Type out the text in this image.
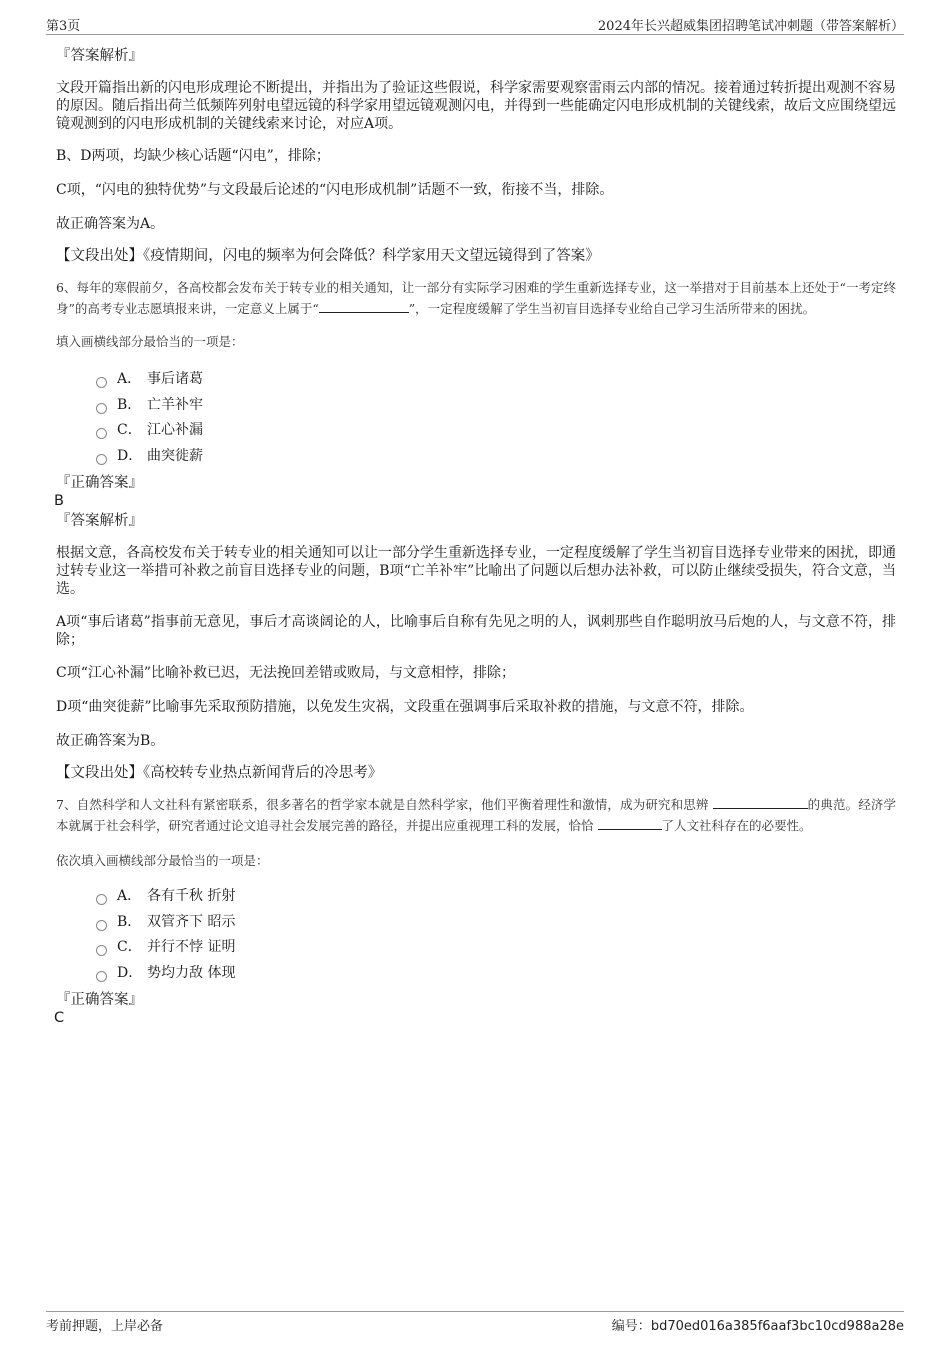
第3页	2024年长兴超威集团招聘笔试冲刺题（带答案解析）
『答案解析』

文段开篇指出新的闪电形成理论不断提出，并指出为了验证这些假说，科学家需要观察雷雨云内部的情况。接着通过转折提出观测不容易的原因。随后指出荷兰低频阵列射电望远镜的科学家用望远镜观测闪电，并得到一些能确定闪电形成机制的关键线索，故后文应围绕望远镜观测到的闪电形成机制的关键线索来讨论，对应A项。

B、D两项，均缺少核心话题“闪电”，排除；

C项，“闪电的独特优势”与文段最后论述的“闪电形成机制”话题不一致，衔接不当，排除。

故正确答案为A。

【文段出处】《疫情期间，闪电的频率为何会降低？科学家用天文望远镜得到了答案》

6、每年的寒假前夕，各高校都会发布关于转专业的相关通知，让一部分有实际学习困难的学生重新选择专业，这一举措对于目前基本上还处于“一考定终身”的高考专业志愿填报来讲，一定意义上属于“	”，一定程度缓解了学生当初盲目选择专业给自己学习生活所带来的困扰。

填入画横线部分最恰当的一项是：
A． 事后诸葛
B． 亡羊补牢
C． 江心补漏
D． 曲突徙薪
『正确答案』
B
『答案解析』

根据文意，各高校发布关于转专业的相关通知可以让一部分学生重新选择专业，一定程度缓解了学生当初盲目选择专业带来的困扰，即通过转专业这一举措可补救之前盲目选择专业的问题，B项“亡羊补牢”比喻出了问题以后想办法补救，可以防止继续受损失，符合文意，当选。

A项“事后诸葛”指事前无意见，事后才高谈阔论的人，比喻事后自称有先见之明的人，讽刺那些自作聪明放马后炮的人，与文意不符，排除；

C项“江心补漏”比喻补救已迟，无法挽回差错或败局，与文意相悖，排除；

D项“曲突徙薪”比喻事先采取预防措施，以免发生灾祸，文段重在强调事后采取补救的措施，与文意不符，排除。

故正确答案为B。

【文段出处】《高校转专业热点新闻背后的冷思考》

7、自然科学和人文社科有紧密联系，很多著名的哲学家本就是自然科学家，他们平衡着理性和激情，成为研究和思辨	的典范。经济学本就属于社会科学，研究者通过论文追寻社会发展完善的路径，并提出应重视理工科的发展，恰恰	了人文社科存在的必要性。

依次填入画横线部分最恰当的一项是：
A． 各有千秋 折射
B． 双管齐下 昭示
C． 并行不悖 证明
D． 势均力敌 体现
『正确答案』
C
考前押题，上岸必备	编号：bd70ed016a385f6aaf3bc10cd988a28e
